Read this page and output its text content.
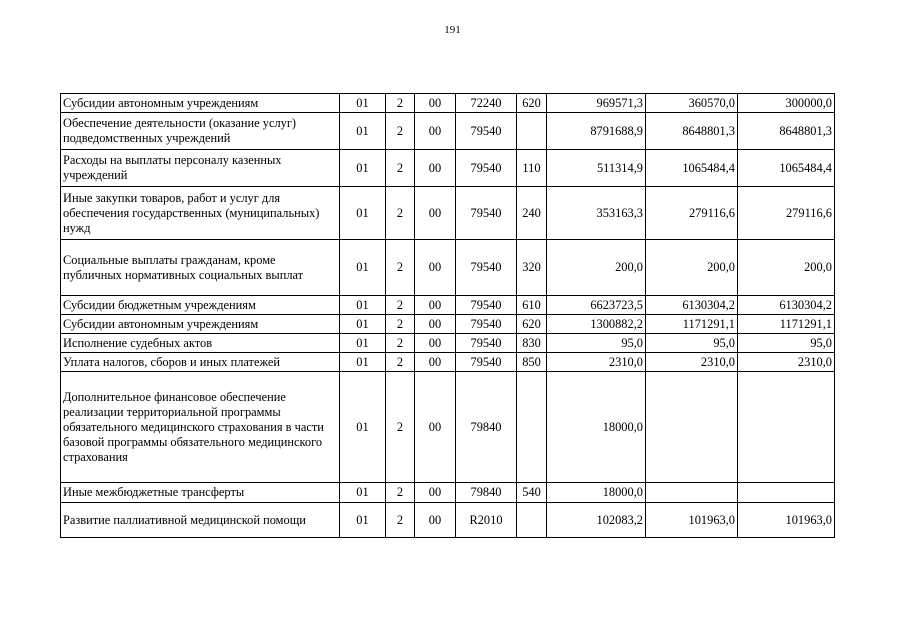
191
Субсидии автономным учреждениям	01	2	00	72240	620	969571,3	360570,0	300000,0
Обеспечение деятельности (оказание услуг) подведомственных учреждений	01	2	00	79540		8791688,9	8648801,3	8648801,3
Расходы на выплаты персоналу казенных учреждений	01	2	00	79540	110	511314,9	1065484,4	1065484,4
Иные закупки товаров, работ и услуг для обеспечения государственных (муниципальных) нужд	01	2	00	79540	240	353163,3	279116,6	279116,6
Социальные выплаты гражданам, кроме публичных нормативных социальных выплат	01	2	00	79540	320	200,0	200,0	200,0
Субсидии бюджетным учреждениям	01	2	00	79540	610	6623723,5	6130304,2	6130304,2
Субсидии автономным учреждениям	01	2	00	79540	620	1300882,2	1171291,1	1171291,1
Исполнение судебных актов	01	2	00	79540	830	95,0	95,0	95,0
Уплата налогов, сборов и иных платежей	01	2	00	79540	850	2310,0	2310,0	2310,0
Дополнительное финансовое обеспечение реализации территориальной программы обязательного медицинского страхования в части базовой программы обязательного медицинского страхования	01	2	00	79840		18000,0		
Иные межбюджетные трансферты	01	2	00	79840	540	18000,0		
Развитие паллиативной медицинской помощи	01	2	00	R2010		102083,2	101963,0	101963,0
